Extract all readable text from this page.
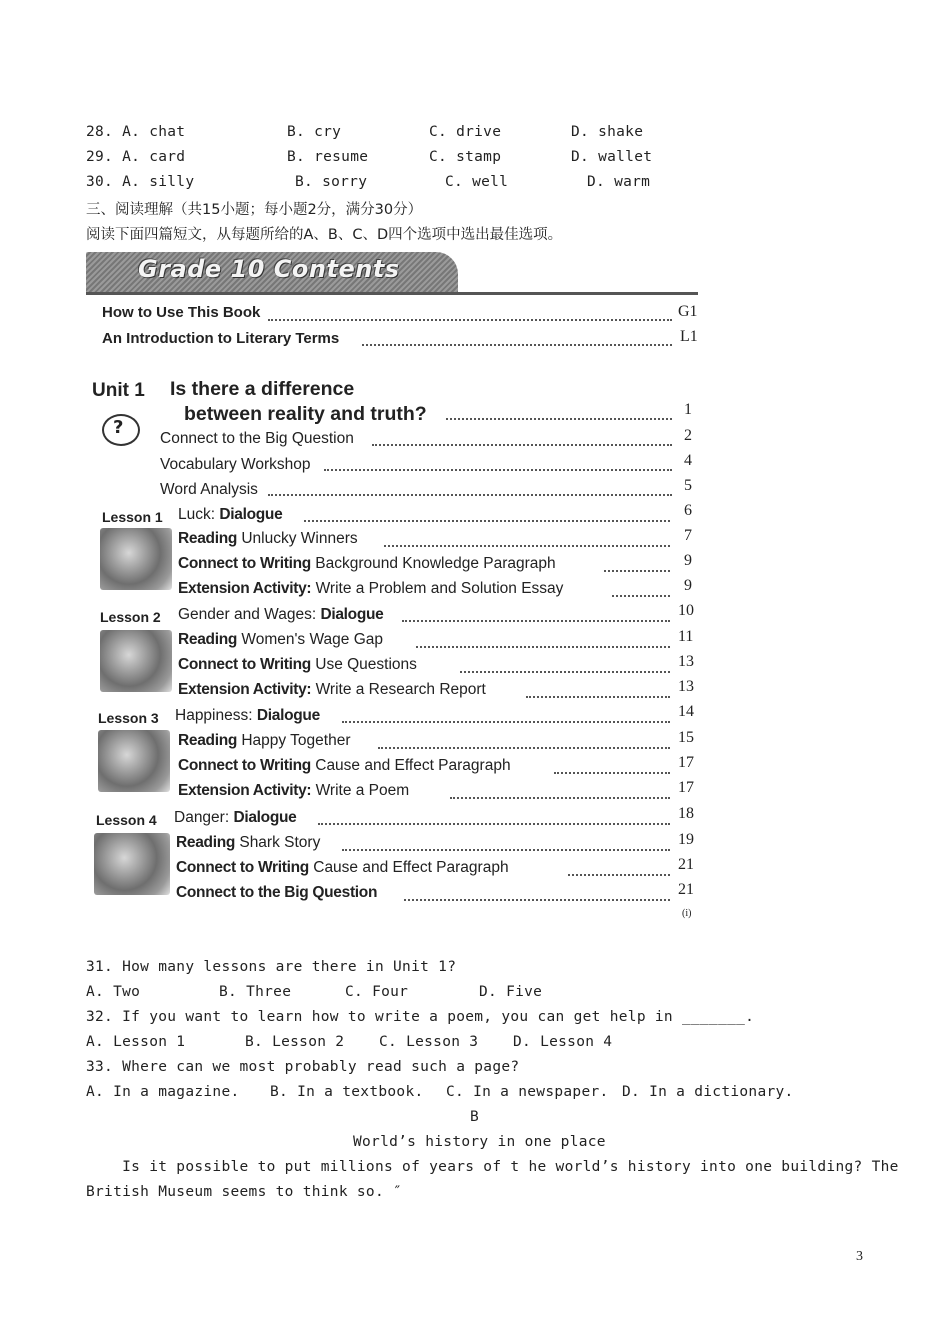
28. A. chat	B. cry	C. drive	D. shake
29. A. card	B. resume	C. stamp	D. wallet
30. A. silly	B. sorry	C. well	D. warm
三、阅读理解（共15小题；每小题2分，满分30分）
阅读下面四篇短文，从每题所给的A、B、C、D四个选项中选出最佳选项。
Grade 10 Contents
How to Use This Book	G1
An Introduction to Literary Terms	L1
Unit 1 Is there a difference
between reality and truth?	1
?
Connect to the Big Question	2
Vocabulary Workshop	4
Word Analysis	5
Lesson 1 Luck: Dialogue	6
Reading Unlucky Winners	7
Connect to Writing Background Knowledge Paragraph	9
Extension Activity: Write a Problem and Solution Essay	9
Lesson 2 Gender and Wages: Dialogue	10
Reading Women's Wage Gap	11
Connect to Writing Use Questions	13
Extension Activity: Write a Research Report	13
Lesson 3 Happiness: Dialogue	14
Reading Happy Together	15
Connect to Writing Cause and Effect Paragraph	17
Extension Activity: Write a Poem	17
Lesson 4 Danger: Dialogue	18
Reading Shark Story	19
Connect to Writing Cause and Effect Paragraph	21
Connect to the Big Question	21
(i)
31. How many lessons are there in Unit 1?
A. Two	B. Three	C. Four	D. Five
32. If you want to learn how to write a poem, you can get help in _______.
A. Lesson 1	B. Lesson 2 C. Lesson 3 D. Lesson 4
33. Where can we most probably read such a page?
A. In a magazine. B. In a textbook. C. In a newspaper. D. In a dictionary.
B
World’s history in one place
Is it possible to put millions of years of t he world’s history into one building? The
British Museum seems to think so. ″
3
